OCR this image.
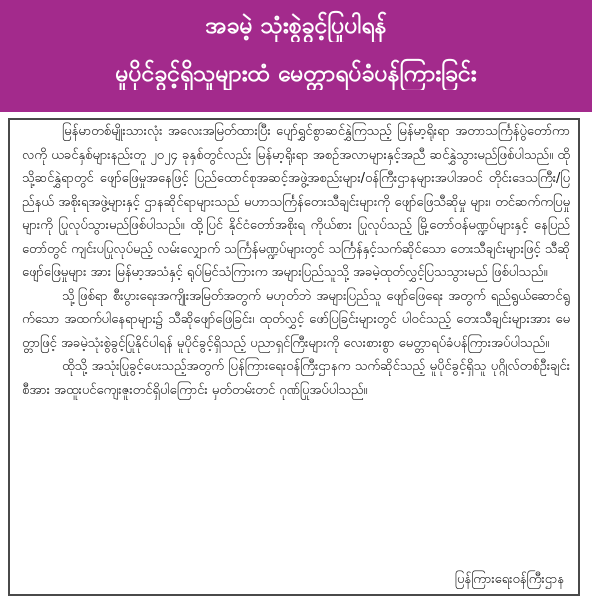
အခမဲ့ သုံးစွဲခွင့်ပြုပါရန်
မူပိုင်ခွင့်ရှိသူများထံ မေတ္တာရပ်ခံပန်ကြားခြင်း

မြန်မာတစ်မျိုးသားလုံး အလေးအမြတ်ထားပြီး ပျော်ရွှင်စွာဆင်နွှဲကြသည့် မြန်မာ့ရိုးရာ အတာသင်္ကြန်ပွဲတော်ကာလကို ယခင်နှစ်များနည်းတူ ၂၀၂၄ ခုနှစ်တွင်လည်း မြန်မာ့ရိုးရာ အစဉ်အလာများနှင့်အညီ ဆင်နွှဲသွားမည်ဖြစ်ပါသည်။ ထိုသို့ဆင်နွှဲရာတွင် ဖျော်ဖြေမှုအနေဖြင့် ပြည်ထောင်စုအဆင့်အဖွဲ့အစည်းများ/ဝန်ကြီးဌာနများအပါအဝင် တိုင်းဒေသကြီး/ပြည်နယ် အစိုးရအဖွဲ့များနှင့် ဌာနဆိုင်ရာများသည် မဟာသင်္ကြန်တေးသီချင်းများကို ဖျော်ဖြေသီဆိုမှု များ၊ တင်ဆက်ကပြမှုများကို ပြုလုပ်သွားမည်ဖြစ်ပါသည်။ ထို့ပြင် နိုင်ငံတော်အစိုးရ ကိုယ်စား ပြုလုပ်သည့် မြို့တော်ဝန်မဏ္ဍပ်များနှင့် နေပြည်တော်တွင် ကျင်းပပြုလုပ်မည့် လမ်းလျှောက် သင်္ကြန်မဏ္ဍပ်များတွင် သင်္ကြန်နှင့်သက်ဆိုင်သော တေးသီချင်းများဖြင့် သီဆိုဖျော်ဖြေမှုများ အား မြန်မာ့အသံနှင့် ရုပ်မြင်သံကြားက အများပြည်သူသို့ အခမဲ့ထုတ်လွှင့်ပြသသွားမည် ဖြစ်ပါသည်။

သို့ဖြစ်ရာ စီးပွားရေးအကျိုးအမြတ်အတွက် မဟုတ်ဘဲ အများပြည်သူ ဖျော်ဖြေရေး အတွက် ရည်ရွယ်ဆောင်ရွက်သော အထက်ပါနေရာများ၌ သီဆိုဖျော်ဖြေခြင်း၊ ထုတ်လွှင့် ဖော်ပြခြင်းများတွင် ပါဝင်သည့် တေးသီချင်းများအား မေတ္တာဖြင့် အခမဲ့သုံးစွဲခွင့်ပြုနိုင်ပါရန် မူပိုင်ခွင့်ရှိသည့် ပညာရှင်ကြီးများကို လေးစားစွာ မေတ္တာရပ်ခံပန်ကြားအပ်ပါသည်။

ထိုသို့ အသုံးပြုခွင့်ပေးသည့်အတွက် ပြန်ကြားရေးဝန်ကြီးဌာနက သက်ဆိုင်သည့် မူပိုင်ခွင့်ရှိသူ ပုဂ္ဂိုလ်တစ်ဦးချင်းစီအား အထူးပင်ကျေးဇူးတင်ရှိပါကြောင်း မှတ်တမ်းတင် ဂုဏ်ပြုအပ်ပါသည်။

ပြန်ကြားရေးဝန်ကြီးဌာန
